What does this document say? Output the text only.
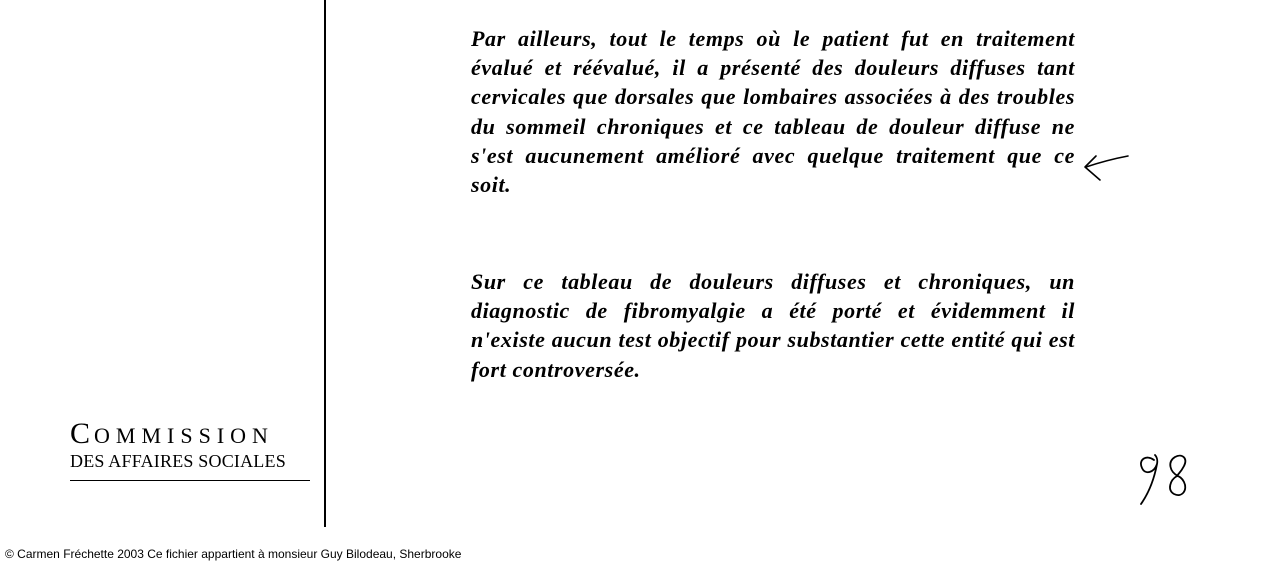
Par ailleurs, tout le temps où le patient fut en traitement évalué et réévalué, il a présenté des douleurs diffuses tant cervicales que dorsales que lombaires associées à des troubles du sommeil chroniques et ce tableau de douleur diffuse ne s'est aucunement amélioré avec quelque traitement que ce soit.

Sur ce tableau de douleurs diffuses et chroniques, un diagnostic de fibromyalgie a été porté et évidemment il n'existe aucun test objectif pour substantier cette entité qui est fort controversée.

COMMISSION
DES AFFAIRES SOCIALES
© Carmen Fréchette 2003 Ce fichier appartient à monsieur Guy Bilodeau, Sherbrooke
